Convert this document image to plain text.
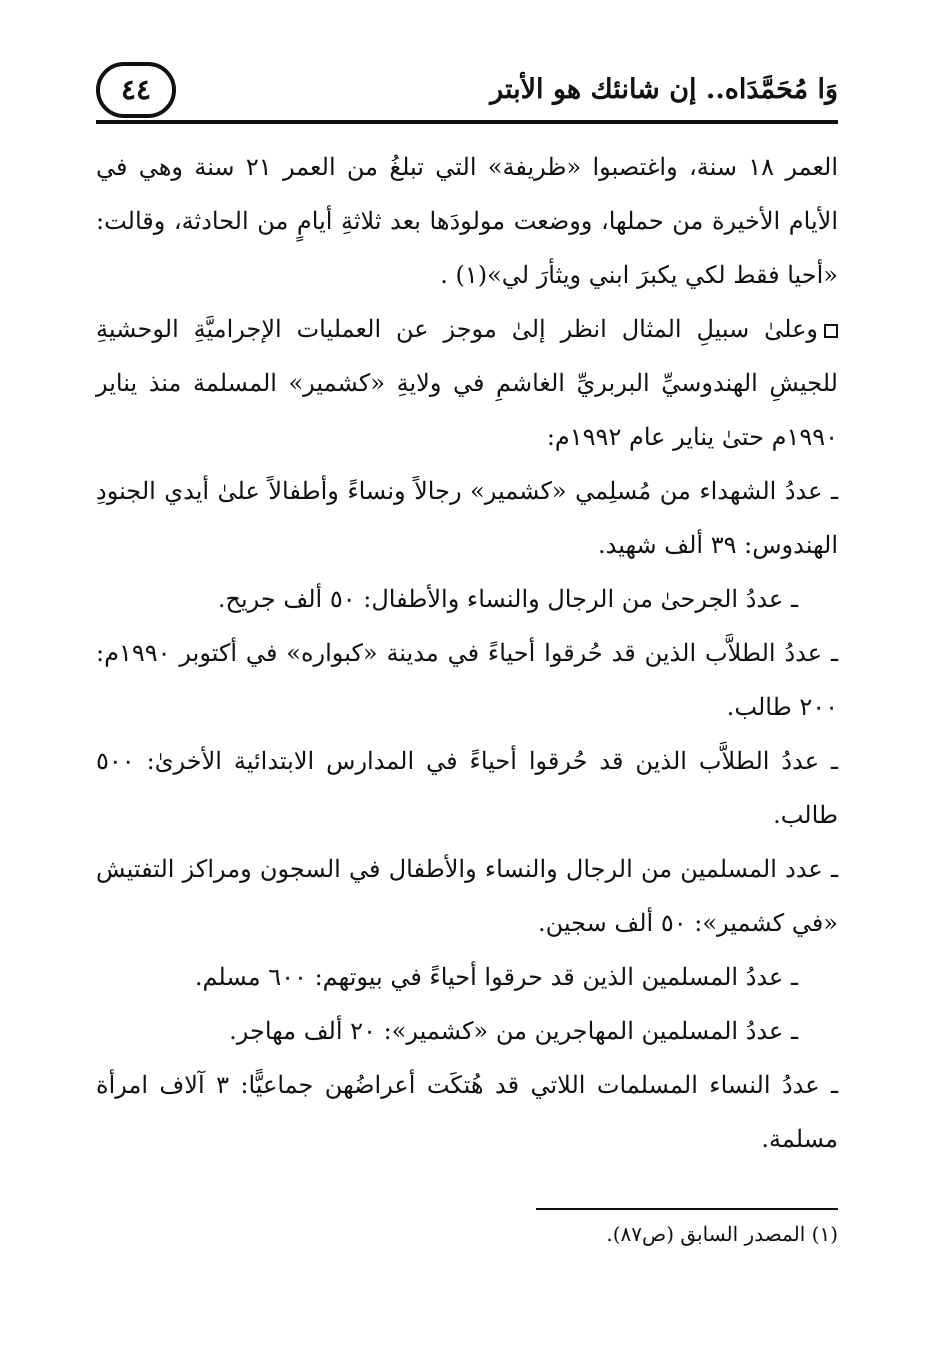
٤٤	وَا مُحَمَّدَاه.. إن شانئك هو الأبتر

العمر ١٨ سنة، واغتصبوا «ظريفة» التي تبلغُ من العمر ٢١ سنة وهي في الأيام الأخيرة من حملها، ووضعت مولودَها بعد ثلاثةِ أيامٍ من الحادثة، وقالت: «أحيا فقط لكي يكبرَ ابني ويثأرَ لي»(١) .

وعلىٰ سبيلِ المثال انظر إلىٰ موجز عن العمليات الإجراميَّةِ الوحشيةِ للجيشِ الهندوسيِّ البربريِّ الغاشمِ في ولايةِ «كشمير» المسلمة منذ يناير ١٩٩٠م حتىٰ يناير عام ١٩٩٢م:

ـ عددُ الشهداء من مُسلِمي «كشمير» رجالاً ونساءً وأطفالاً علىٰ أيدي الجنودِ الهندوس: ٣٩ ألف شهيد.

ـ عددُ الجرحىٰ من الرجال والنساء والأطفال: ٥٠ ألف جريح.

ـ عددُ الطلاَّب الذين قد حُرقوا أحياءً في مدينة «كبواره» في أكتوبر ١٩٩٠م: ٢٠٠ طالب.

ـ عددُ الطلاَّب الذين قد حُرقوا أحياءً في المدارس الابتدائية الأخرىٰ: ٥٠٠ طالب.

ـ عدد المسلمين من الرجال والنساء والأطفال في السجون ومراكز التفتيش «في كشمير»: ٥٠ ألف سجين.

ـ عددُ المسلمين الذين قد حرقوا أحياءً في بيوتهم: ٦٠٠ مسلم.

ـ عددُ المسلمين المهاجرين من «كشمير»: ٢٠ ألف مهاجر.

ـ عددُ النساء المسلمات اللاتي قد هُتكَت أعراضُهن جماعيًّا: ٣ آلاف امرأة مسلمة.

(١) المصدر السابق (ص٨٧).
